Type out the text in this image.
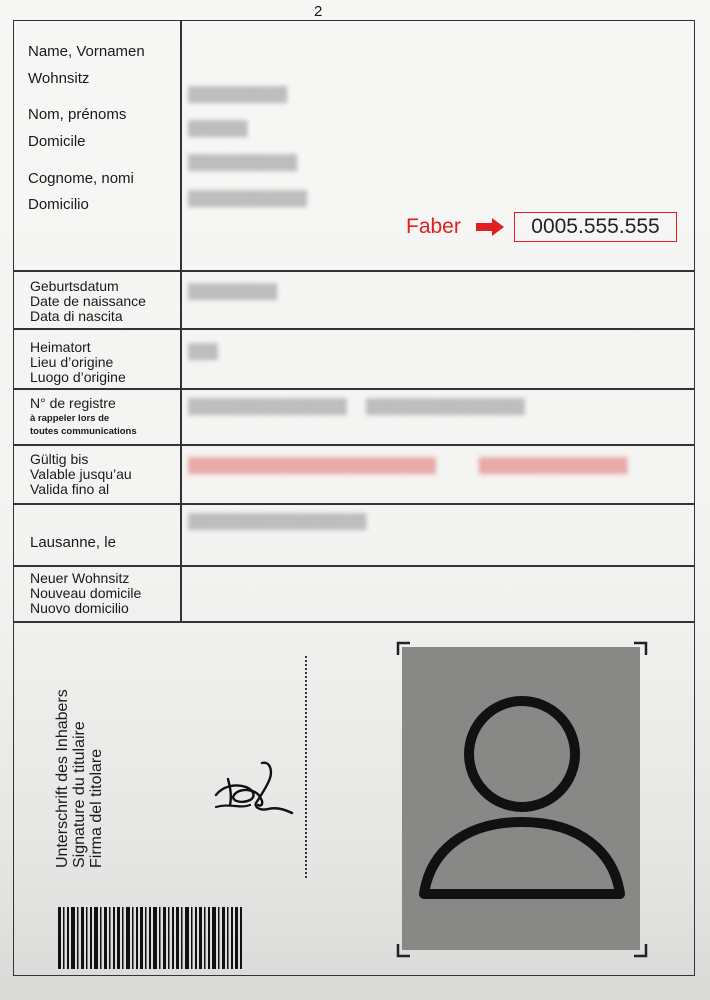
2
Name, Vornamen
Wohnsitz
Nom, prénoms
Domicile
Cognome, nomi
Domicilio
██████████
██████
███████████
████████████
Faber	0005.555.555
Geburtsdatum
Date de naissance
Data di nascita
█████████
Heimatort
Lieu d’origine
Luogo d’origine
███
N° de registre
à rappeler lors de
toutes communications
████████████████     ████████████████
Gültig bis
Valable jusqu’au
Valida fino al
█████████████████████████           ███████████████
Lausanne, le
██████████████████
Neuer Wohnsitz
Nouveau domicile
Nuovo domicilio
Unterschrift des Inhabers Signature du titulaire Firma del titolare
